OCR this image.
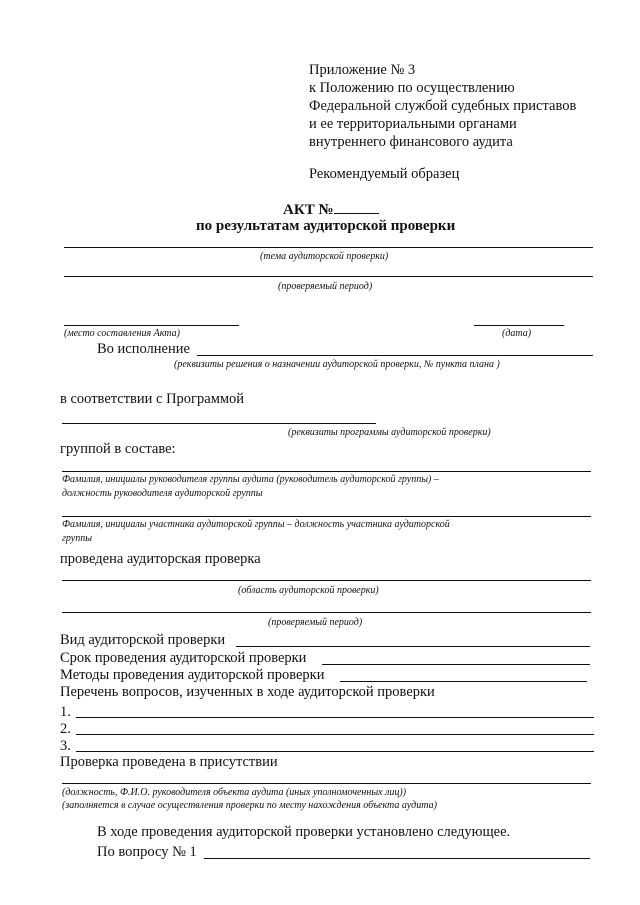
Приложение № 3
к Положению по осуществлению
Федеральной службой судебных приставов
и ее территориальными органами
внутреннего финансового аудита
Рекомендуемый образец
АКТ №
по результатам аудиторской проверки
(тема аудиторской проверки)
(проверяемый период)
(место составления Акта)	(дата)
Во исполнение
(реквизиты решения о назначении аудиторской проверки, № пункта плана )
в соответствии с Программой
(реквизиты программы аудиторской проверки)
группой в составе:
Фамилия, инициалы руководителя группы аудита (руководитель аудиторской группы) –
должность руководителя аудиторской группы
Фамилия, инициалы участника аудиторской группы – должность участника аудиторской
группы
проведена аудиторская проверка
(область аудиторской проверки)
(проверяемый период)
Вид аудиторской проверки
Срок проведения аудиторской проверки
Методы проведения аудиторской проверки
Перечень вопросов, изученных в ходе аудиторской проверки
1.
2.
3.
Проверка проведена в присутствии
(должность, Ф.И.О. руководителя объекта аудита (иных уполномоченных лиц))
(заполняется в случае осуществления проверки по месту нахождения объекта аудита)
В ходе проведения аудиторской проверки установлено следующее.
По вопросу № 1
